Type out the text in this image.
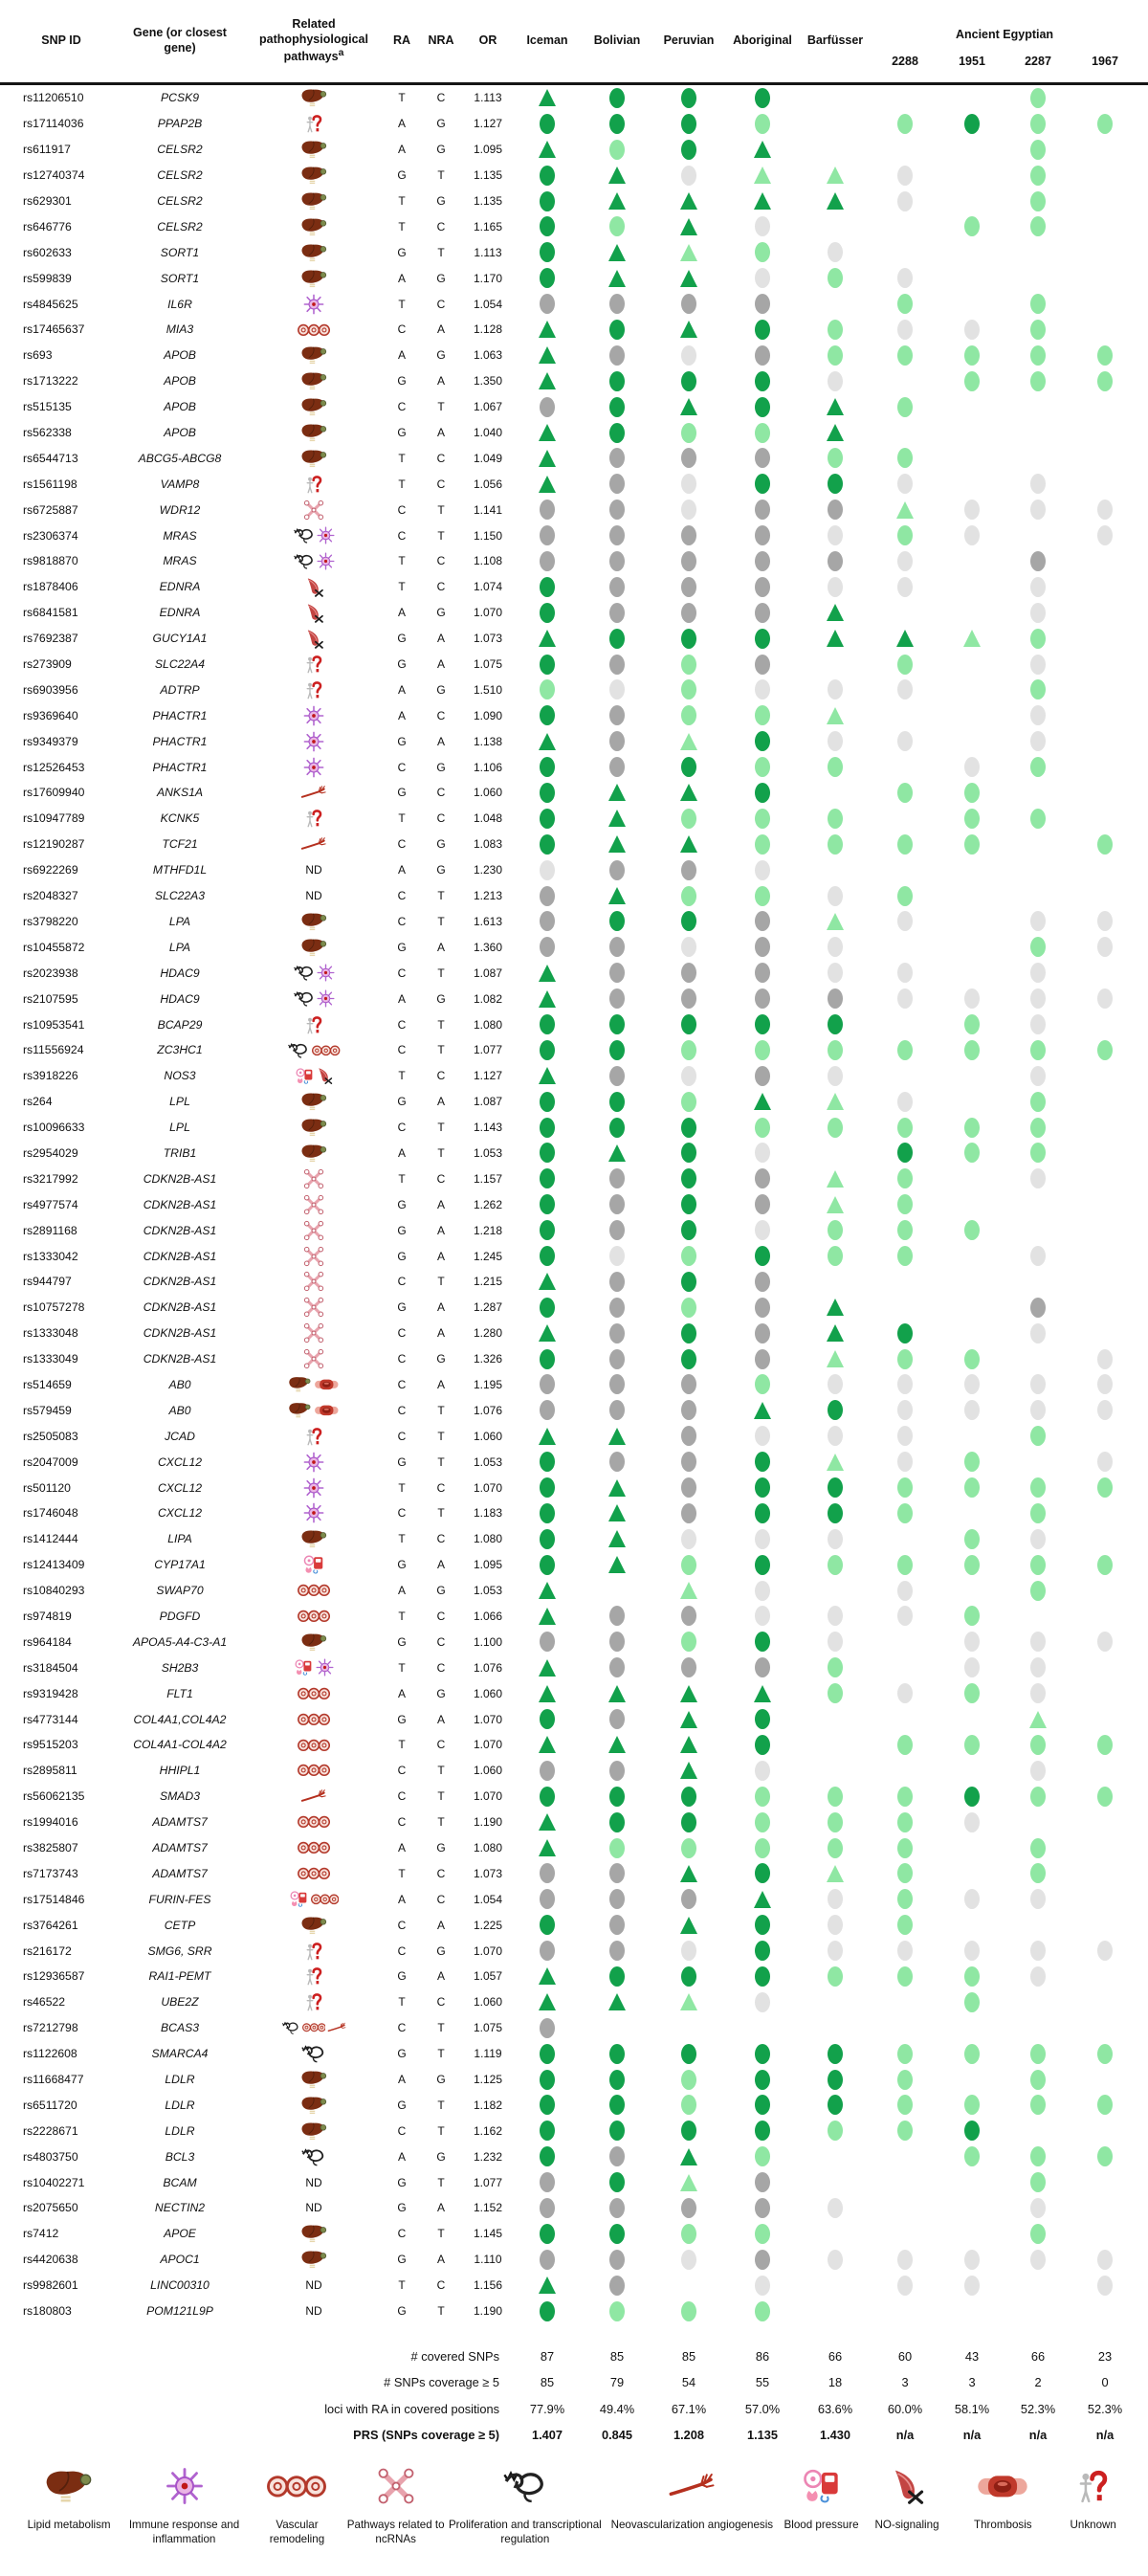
SNP ID
Gene (or closest gene)
Related pathophysiological pathways$^a$
RA	NRA	OR	Iceman	Bolivian	Peruvian	Aboriginal	Barfüsser	Ancient Egyptian
2288	1951	2287	1967
rs11206510	PCSK9	T	C	1.113
rs17114036	PPAP2B	A	G	1.127
rs611917	CELSR2	A	G	1.095
rs12740374	CELSR2	G	T	1.135
rs629301	CELSR2	T	G	1.135
rs646776	CELSR2	T	C	1.165
rs602633	SORT1	G	T	1.113
rs599839	SORT1	A	G	1.170
rs4845625	IL6R	T	C	1.054
rs17465637	MIA3	C	A	1.128
rs693	APOB	A	G	1.063
rs1713222	APOB	G	A	1.350
rs515135	APOB	C	T	1.067
rs562338	APOB	G	A	1.040
rs6544713	ABCG5-ABCG8	T	C	1.049
rs1561198	VAMP8	T	C	1.056
rs6725887	WDR12	C	T	1.141
rs2306374	MRAS	C	T	1.150
rs9818870	MRAS	T	C	1.108
rs1878406	EDNRA	T	C	1.074
rs6841581	EDNRA	A	G	1.070
rs7692387	GUCY1A1	G	A	1.073
rs273909	SLC22A4	G	A	1.075
rs6903956	ADTRP	A	G	1.510
rs9369640	PHACTR1	A	C	1.090
rs9349379	PHACTR1	G	A	1.138
rs12526453	PHACTR1	C	G	1.106
rs17609940	ANKS1A	G	C	1.060
rs10947789	KCNK5	T	C	1.048
rs12190287	TCF21	C	G	1.083
rs6922269	MTHFD1L	ND	A	G	1.230
rs2048327	SLC22A3	ND	C	T	1.213
rs3798220	LPA	C	T	1.613
rs10455872	LPA	G	A	1.360
rs2023938	HDAC9	C	T	1.087
rs2107595	HDAC9	A	G	1.082
rs10953541	BCAP29	C	T	1.080
rs11556924	ZC3HC1	C	T	1.077
rs3918226	NOS3	T	C	1.127
rs264	LPL	G	A	1.087
rs10096633	LPL	C	T	1.143
rs2954029	TRIB1	A	T	1.053
rs3217992	CDKN2B-AS1	T	C	1.157
rs4977574	CDKN2B-AS1	G	A	1.262
rs2891168	CDKN2B-AS1	G	A	1.218
rs1333042	CDKN2B-AS1	G	A	1.245
rs944797	CDKN2B-AS1	C	T	1.215
rs10757278	CDKN2B-AS1	G	A	1.287
rs1333048	CDKN2B-AS1	C	A	1.280
rs1333049	CDKN2B-AS1	C	G	1.326
rs514659	AB0	C	A	1.195
rs579459	AB0	C	T	1.076
rs2505083	JCAD	C	T	1.060
rs2047009	CXCL12	G	T	1.053
rs501120	CXCL12	T	C	1.070
rs1746048	CXCL12	C	T	1.183
rs1412444	LIPA	T	C	1.080
rs12413409	CYP17A1	G	A	1.095
rs10840293	SWAP70	A	G	1.053
rs974819	PDGFD	T	C	1.066
rs964184	APOA5-A4-C3-A1	G	C	1.100
rs3184504	SH2B3	T	C	1.076
rs9319428	FLT1	A	G	1.060
rs4773144	COL4A1,COL4A2	G	A	1.070
rs9515203	COL4A1-COL4A2	T	C	1.070
rs2895811	HHIPL1	C	T	1.060
rs56062135	SMAD3	C	T	1.070
rs1994016	ADAMTS7	C	T	1.190
rs3825807	ADAMTS7	A	G	1.080
rs7173743	ADAMTS7	T	C	1.073
rs17514846	FURIN-FES	A	C	1.054
rs3764261	CETP	C	A	1.225
rs216172	SMG6, SRR	C	G	1.070
rs12936587	RAI1-PEMT	G	A	1.057
rs46522	UBE2Z	T	C	1.060
rs7212798	BCAS3	C	T	1.075
rs1122608	SMARCA4	G	T	1.119
rs11668477	LDLR	A	G	1.125
rs6511720	LDLR	G	T	1.182
rs2228671	LDLR	C	T	1.162
rs4803750	BCL3	A	G	1.232
rs10402271	BCAM	ND	G	T	1.077
rs2075650	NECTIN2	ND	G	A	1.152
rs7412	APOE	C	T	1.145
rs4420638	APOC1	G	A	1.110
rs9982601	LINC00310	ND	T	C	1.156
rs180803	POM121L9P	ND	G	T	1.190
# covered SNPs	87	85	85	86	66	60	43	66	23
# SNPs coverage ≥ 5	85	79	54	55	18	3	3	2	0
loci with RA in covered positions	77.9%	49.4%	67.1%	57.0%	63.6%	60.0%	58.1%	52.3%	52.3%
PRS (SNPs coverage ≥ 5)	1.407	0.845	1.208	1.135	1.430	n/a	n/a	n/a	n/a
Lipid metabolism	Immune response and inflammation
Vascular remodeling
Pathways related to ncRNAs
Proliferation and transcriptional regulation
Neovascularization angiogenesis Blood pressure NO-signaling	Thrombosis	Unknown
